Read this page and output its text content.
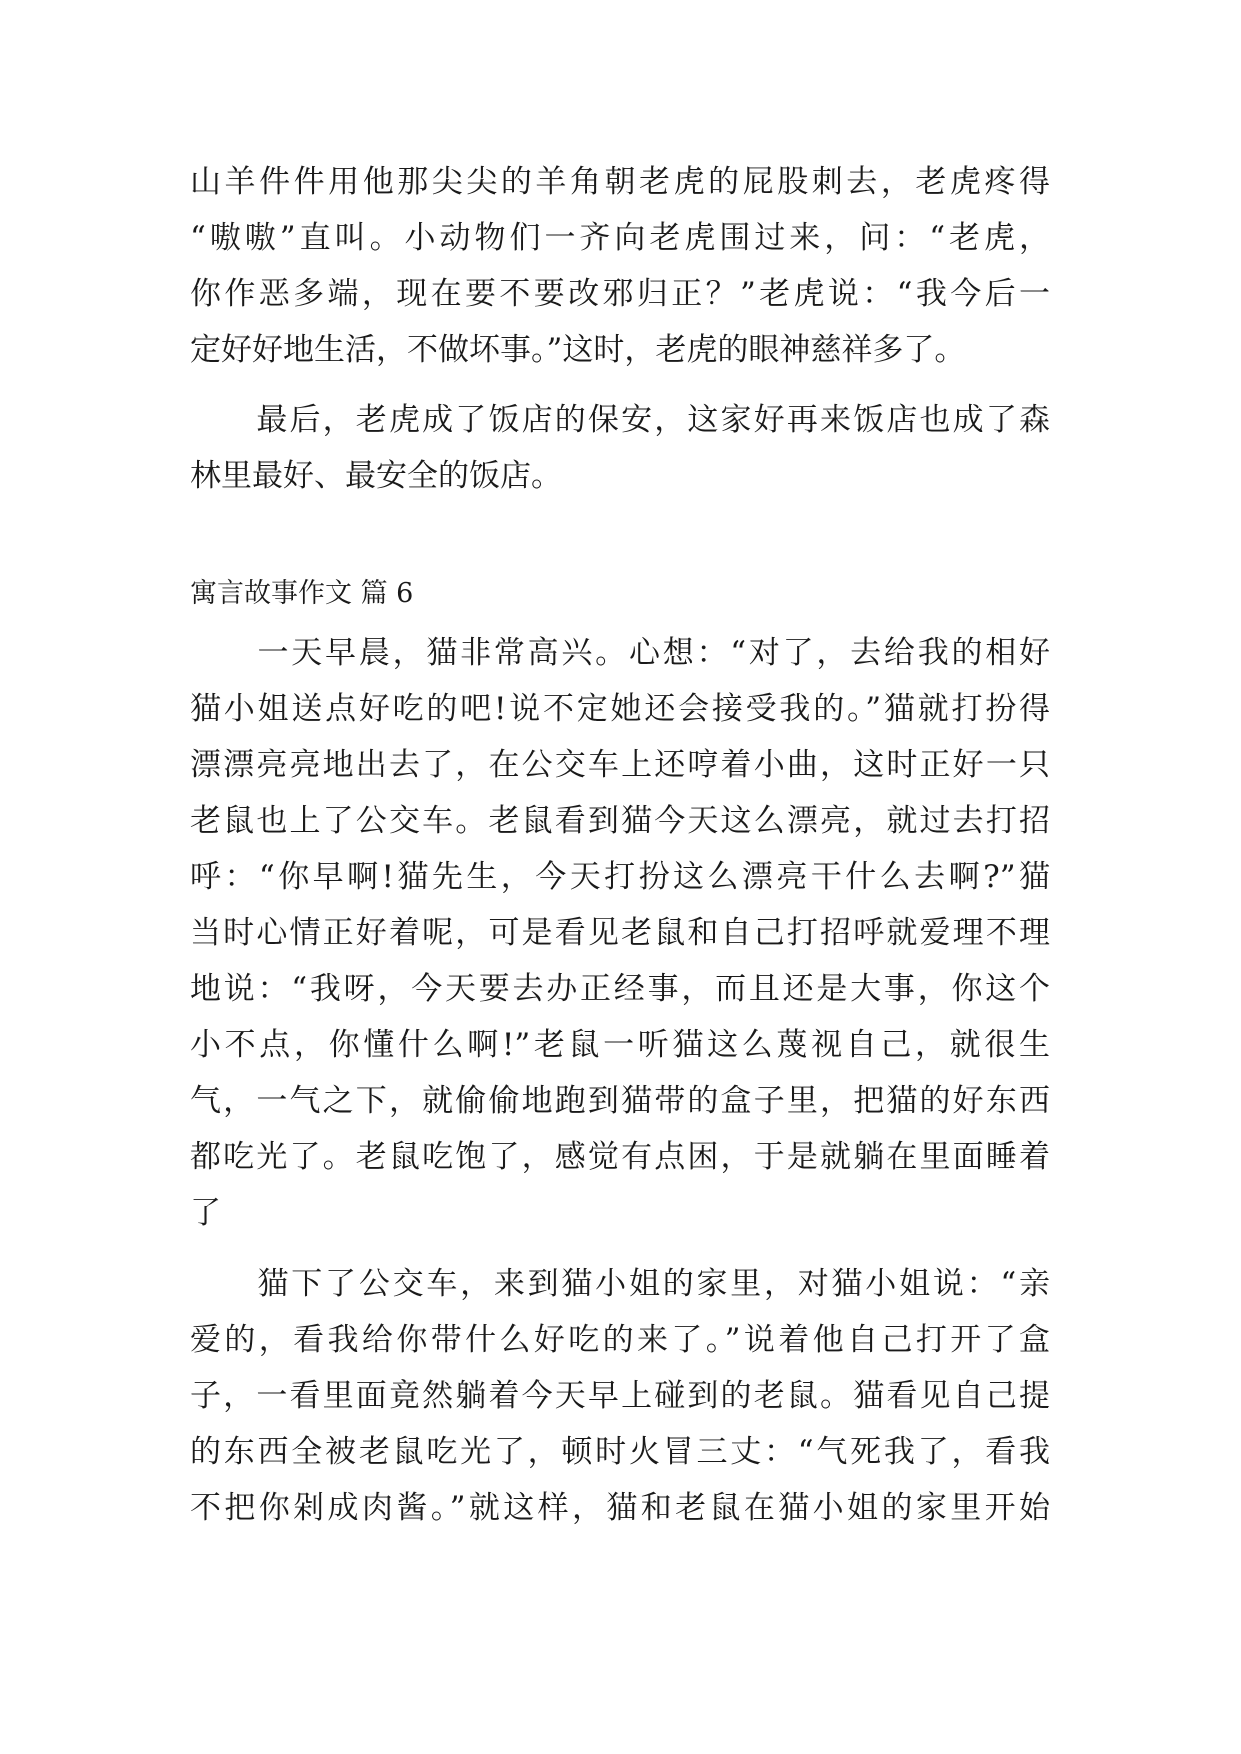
山羊件件用他那尖尖的羊角朝老虎的屁股刺去，老虎疼得
“嗷嗷”直叫。小动物们一齐向老虎围过来，问：“老虎，
你作恶多端，现在要不要改邪归正？”老虎说：“我今后一
定好好地生活，不做坏事。”这时，老虎的眼神慈祥多了。
　　最后，老虎成了饭店的保安，这家好再来饭店也成了森
林里最好、最安全的饭店。
寓言故事作文 篇 6
　　一天早晨，猫非常高兴。心想：“对了，去给我的相好
猫小姐送点好吃的吧!说不定她还会接受我的。”猫就打扮得
漂漂亮亮地出去了，在公交车上还哼着小曲，这时正好一只
老鼠也上了公交车。老鼠看到猫今天这么漂亮，就过去打招
呼：“你早啊!猫先生，今天打扮这么漂亮干什么去啊?”猫
当时心情正好着呢，可是看见老鼠和自己打招呼就爱理不理
地说：“我呀，今天要去办正经事，而且还是大事，你这个
小不点，你懂什么啊!”老鼠一听猫这么蔑视自己，就很生
气，一气之下，就偷偷地跑到猫带的盒子里，把猫的好东西
都吃光了。老鼠吃饱了，感觉有点困，于是就躺在里面睡着
了
　　猫下了公交车，来到猫小姐的家里，对猫小姐说：“亲
爱的，看我给你带什么好吃的来了。”说着他自己打开了盒
子，一看里面竟然躺着今天早上碰到的老鼠。猫看见自己提
的东西全被老鼠吃光了，顿时火冒三丈：“气死我了，看我
不把你剁成肉酱。”就这样，猫和老鼠在猫小姐的家里开始
